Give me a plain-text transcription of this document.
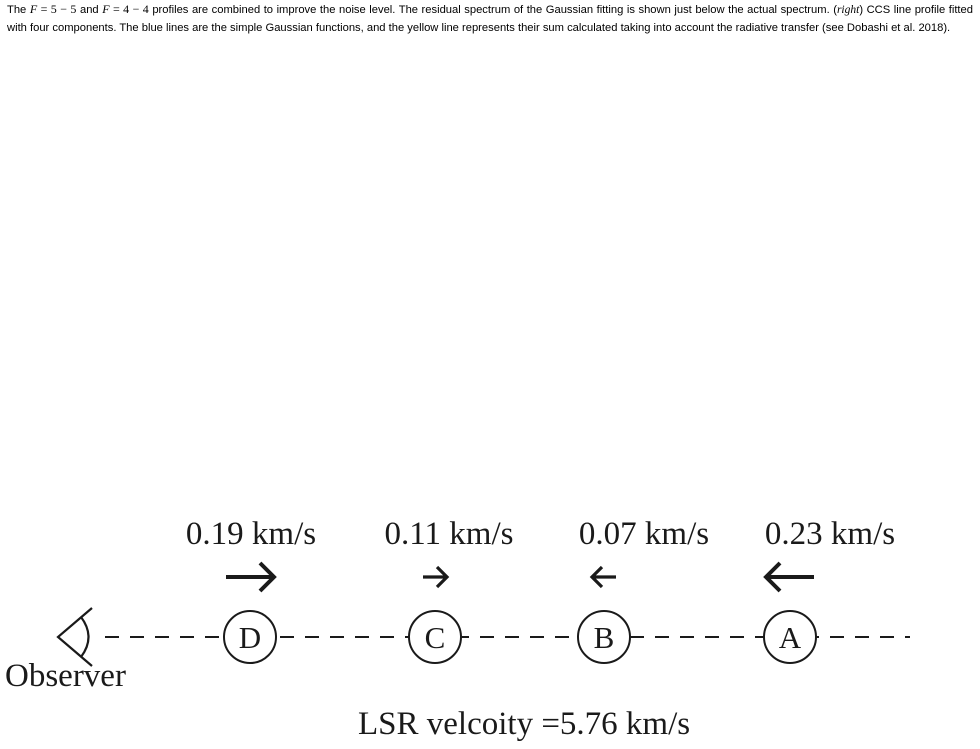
The F = 5 − 5 and F = 4 − 4 profiles are combined to improve the noise level. The residual spectrum of the Gaussian fitting is shown just below the actual spectrum. (right) CCS line profile fitted with four components. The blue lines are the simple Gaussian functions, and the yellow line represents their sum calculated taking into account the radiative transfer (see Dobashi et al. 2018).
D
0.19 km/s
C
0.11 km/s
B
0.07 km/s
A
0.23 km/s
Observer
LSR velcoity =5.76 km/s
